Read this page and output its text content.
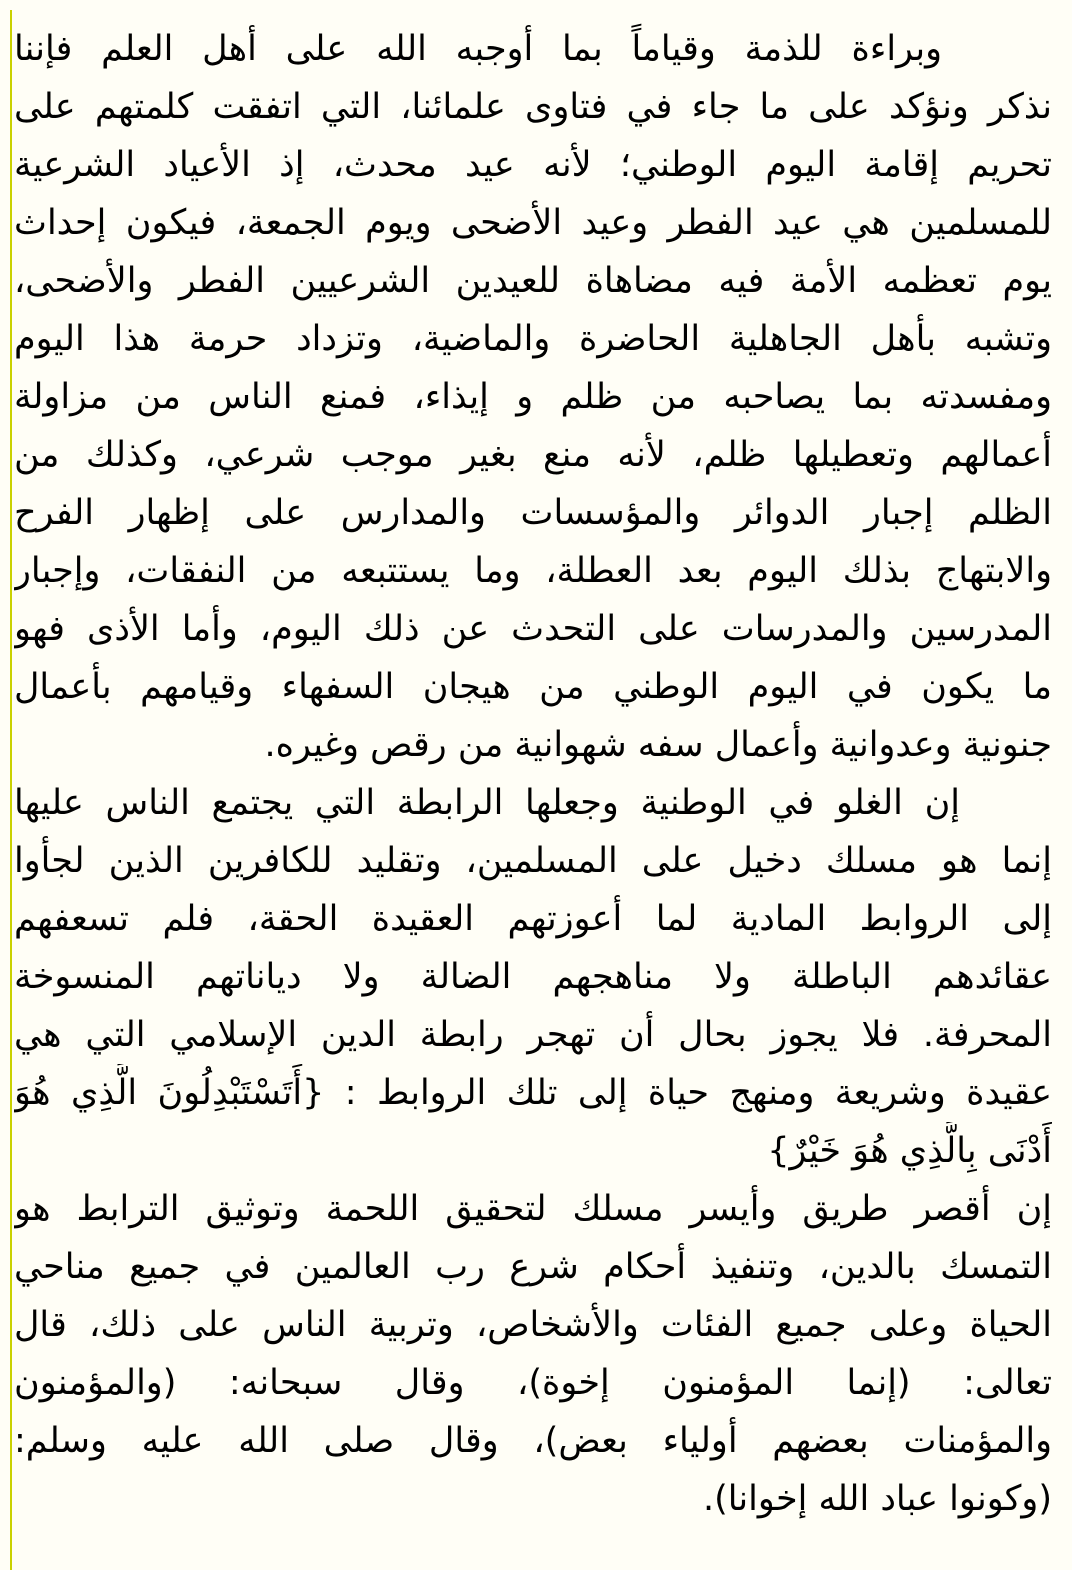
وبراءة للذمة وقياماً بما أوجبه الله على أهل العلم فإننا
نذكر ونؤكد على ما جاء في فتاوى علمائنا، التي اتفقت كلمتهم على
تحريم إقامة اليوم الوطني؛ لأنه عيد محدث، إذ الأعياد الشرعية
للمسلمين هي عيد الفطر وعيد الأضحى ويوم الجمعة، فيكون إحداث
يوم تعظمه الأمة فيه مضاهاة للعيدين الشرعيين الفطر والأضحى،
وتشبه بأهل الجاهلية الحاضرة والماضية، وتزداد حرمة هذا اليوم
ومفسدته بما يصاحبه من ظلم و إيذاء، فمنع الناس من مزاولة
أعمالهم وتعطيلها ظلم، لأنه منع بغير موجب شرعي، وكذلك من
الظلم إجبار الدوائر والمؤسسات والمدارس على إظهار الفرح
والابتهاج بذلك اليوم بعد العطلة، وما يستتبعه من النفقات، وإجبار
المدرسين والمدرسات على التحدث عن ذلك اليوم، وأما الأذى فهو
ما يكون في اليوم الوطني من هيجان السفهاء وقيامهم بأعمال
جنونية وعدوانية وأعمال سفه شهوانية من رقص وغيره.
إن الغلو في الوطنية وجعلها الرابطة التي يجتمع الناس عليها
إنما هو مسلك دخيل على المسلمين، وتقليد للكافرين الذين لجأوا
إلى الروابط المادية لما أعوزتهم العقيدة الحقة، فلم تسعفهم
عقائدهم الباطلة ولا مناهجهم الضالة ولا دياناتهم المنسوخة
المحرفة. فلا يجوز بحال أن تهجر رابطة الدين الإسلامي التي هي
عقيدة وشريعة ومنهج حياة إلى تلك الروابط : {أَتَسْتَبْدِلُونَ الَّذِي هُوَ
أَدْنَى بِالَّذِي هُوَ خَيْرٌ}
إن أقصر طريق وأيسر مسلك لتحقيق اللحمة وتوثيق الترابط هو
التمسك بالدين، وتنفيذ أحكام شرع رب العالمين في جميع مناحي
الحياة وعلى جميع الفئات والأشخاص، وتربية الناس على ذلك، قال
تعالى: (إنما المؤمنون إخوة)، وقال سبحانه: (والمؤمنون
والمؤمنات بعضهم أولياء بعض)، وقال صلى الله عليه وسلم:
(وكونوا عباد الله إخوانا).
